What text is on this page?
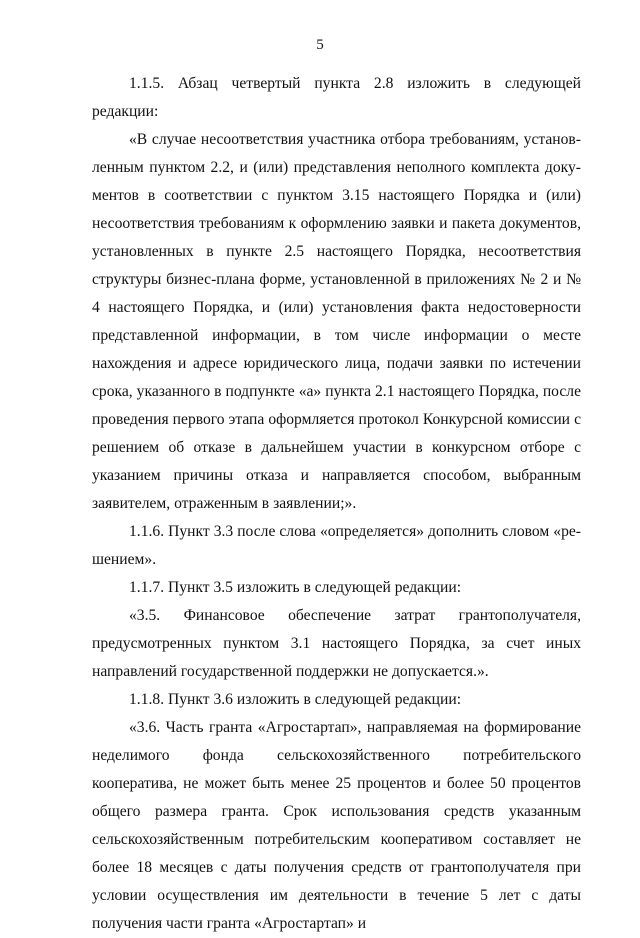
5

1.1.5. Абзац четвертый пункта 2.8 изложить в следующей редакции:

«В случае несоответствия участника отбора требованиям, установленным пунктом 2.2, и (или) представления неполного комплекта документов в соответствии с пунктом 3.15 настоящего Порядка и (или) несоответствия требованиям к оформлению заявки и пакета документов, установленных в пункте 2.5 настоящего Порядка, несоответствия структуры бизнес-плана форме, установленной в приложениях № 2 и № 4 настоящего Порядка, и (или) установления факта недостоверности представленной информации, в том числе информации о месте нахождения и адресе юридического лица, подачи заявки по истечении срока, указанного в подпункте «а» пункта 2.1 настоящего Порядка, после проведения первого этапа оформляется протокол Конкурсной комиссии с решением об отказе в дальнейшем участии в конкурсном отборе с указанием причины отказа и направляется способом, выбранным заявителем, отраженным в заявлении;».

1.1.6. Пункт 3.3 после слова «определяется» дополнить словом «решением».

1.1.7. Пункт 3.5 изложить в следующей редакции:

«3.5. Финансовое обеспечение затрат грантополучателя, предусмотренных пунктом 3.1 настоящего Порядка, за счет иных направлений государственной поддержки не допускается.».

1.1.8. Пункт 3.6 изложить в следующей редакции:

«3.6. Часть гранта «Агростартап», направляемая на формирование неделимого фонда сельскохозяйственного потребительского кооператива, не может быть менее 25 процентов и более 50 процентов общего размера гранта. Срок использования средств указанным сельскохозяйственным потребительским кооперативом составляет не более 18 месяцев с даты получения средств от грантополучателя при условии осуществления им деятельности в течение 5 лет с даты получения части гранта «Агростартап» и
